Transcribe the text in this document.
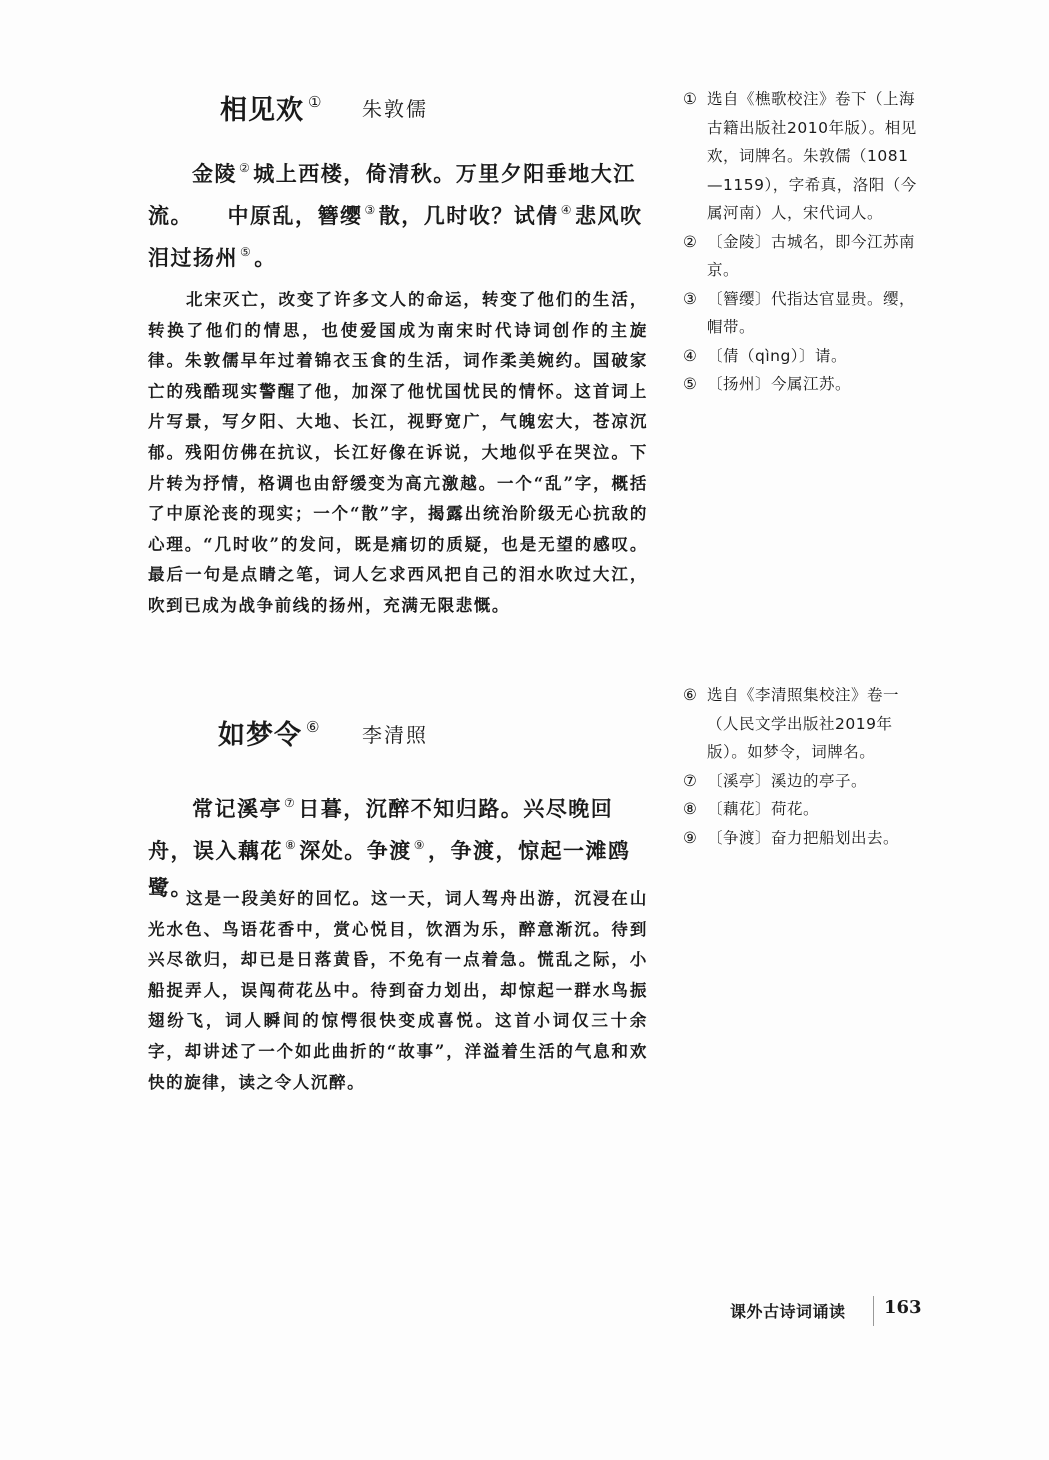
相见欢 ① 朱敦儒

金陵 ②城上西楼，倚清秋。万里夕阳垂地大江流。　　中原乱，簪缨 ③散，几时收？试倩 ④悲风吹泪过扬州 ⑤。

北宋灭亡，改变了许多文人的命运，转变了他们的生活，转换了他们的情思，也使爱国成为南宋时代诗词创作的主旋律。朱敦儒早年过着锦衣玉食的生活，词作柔美婉约。国破家亡的残酷现实警醒了他，加深了他忧国忧民的情怀。这首词上片写景，写夕阳、大地、长江，视野宽广，气魄宏大，苍凉沉郁。残阳仿佛在抗议，长江好像在诉说，大地似乎在哭泣。下片转为抒情，格调也由舒缓变为高亢激越。一个“乱”字，概括了中原沦丧的现实；一个“散”字，揭露出统治阶级无心抗敌的心理。“几时收”的发问，既是痛切的质疑，也是无望的感叹。最后一句是点睛之笔，词人乞求西风把自己的泪水吹过大江，吹到已成为战争前线的扬州，充满无限悲慨。

① 选自《樵歌校注》卷下（上海古籍出版社2010年版）。相见欢，词牌名。朱敦儒（1081—1159），字希真，洛阳（今属河南）人，宋代词人。
② 〔金陵〕古城名，即今江苏南京。
③ 〔簪缨〕代指达官显贵。缨，帽带。
④ 〔倩（qìng）〕请。
⑤ 〔扬州〕今属江苏。
如梦令 ⑥ 李清照

常记溪亭 ⑦日暮，沉醉不知归路。兴尽晚回舟，误入藕花 ⑧深处。争渡 ⑨，争渡，惊起一滩鸥鹭。

这是一段美好的回忆。这一天，词人驾舟出游，沉浸在山光水色、鸟语花香中，赏心悦目，饮酒为乐，醉意渐沉。待到兴尽欲归，却已是日落黄昏，不免有一点着急。慌乱之际，小船捉弄人，误闯荷花丛中。待到奋力划出，却惊起一群水鸟振翅纷飞，词人瞬间的惊愕很快变成喜悦。这首小词仅三十余字，却讲述了一个如此曲折的“故事”，洋溢着生活的气息和欢快的旋律，读之令人沉醉。

⑥ 选自《李清照集校注》卷一（人民文学出版社2019年版）。如梦令，词牌名。
⑦ 〔溪亭〕溪边的亭子。
⑧ 〔藕花〕荷花。
⑨ 〔争渡〕奋力把船划出去。
课外古诗词诵读 163
